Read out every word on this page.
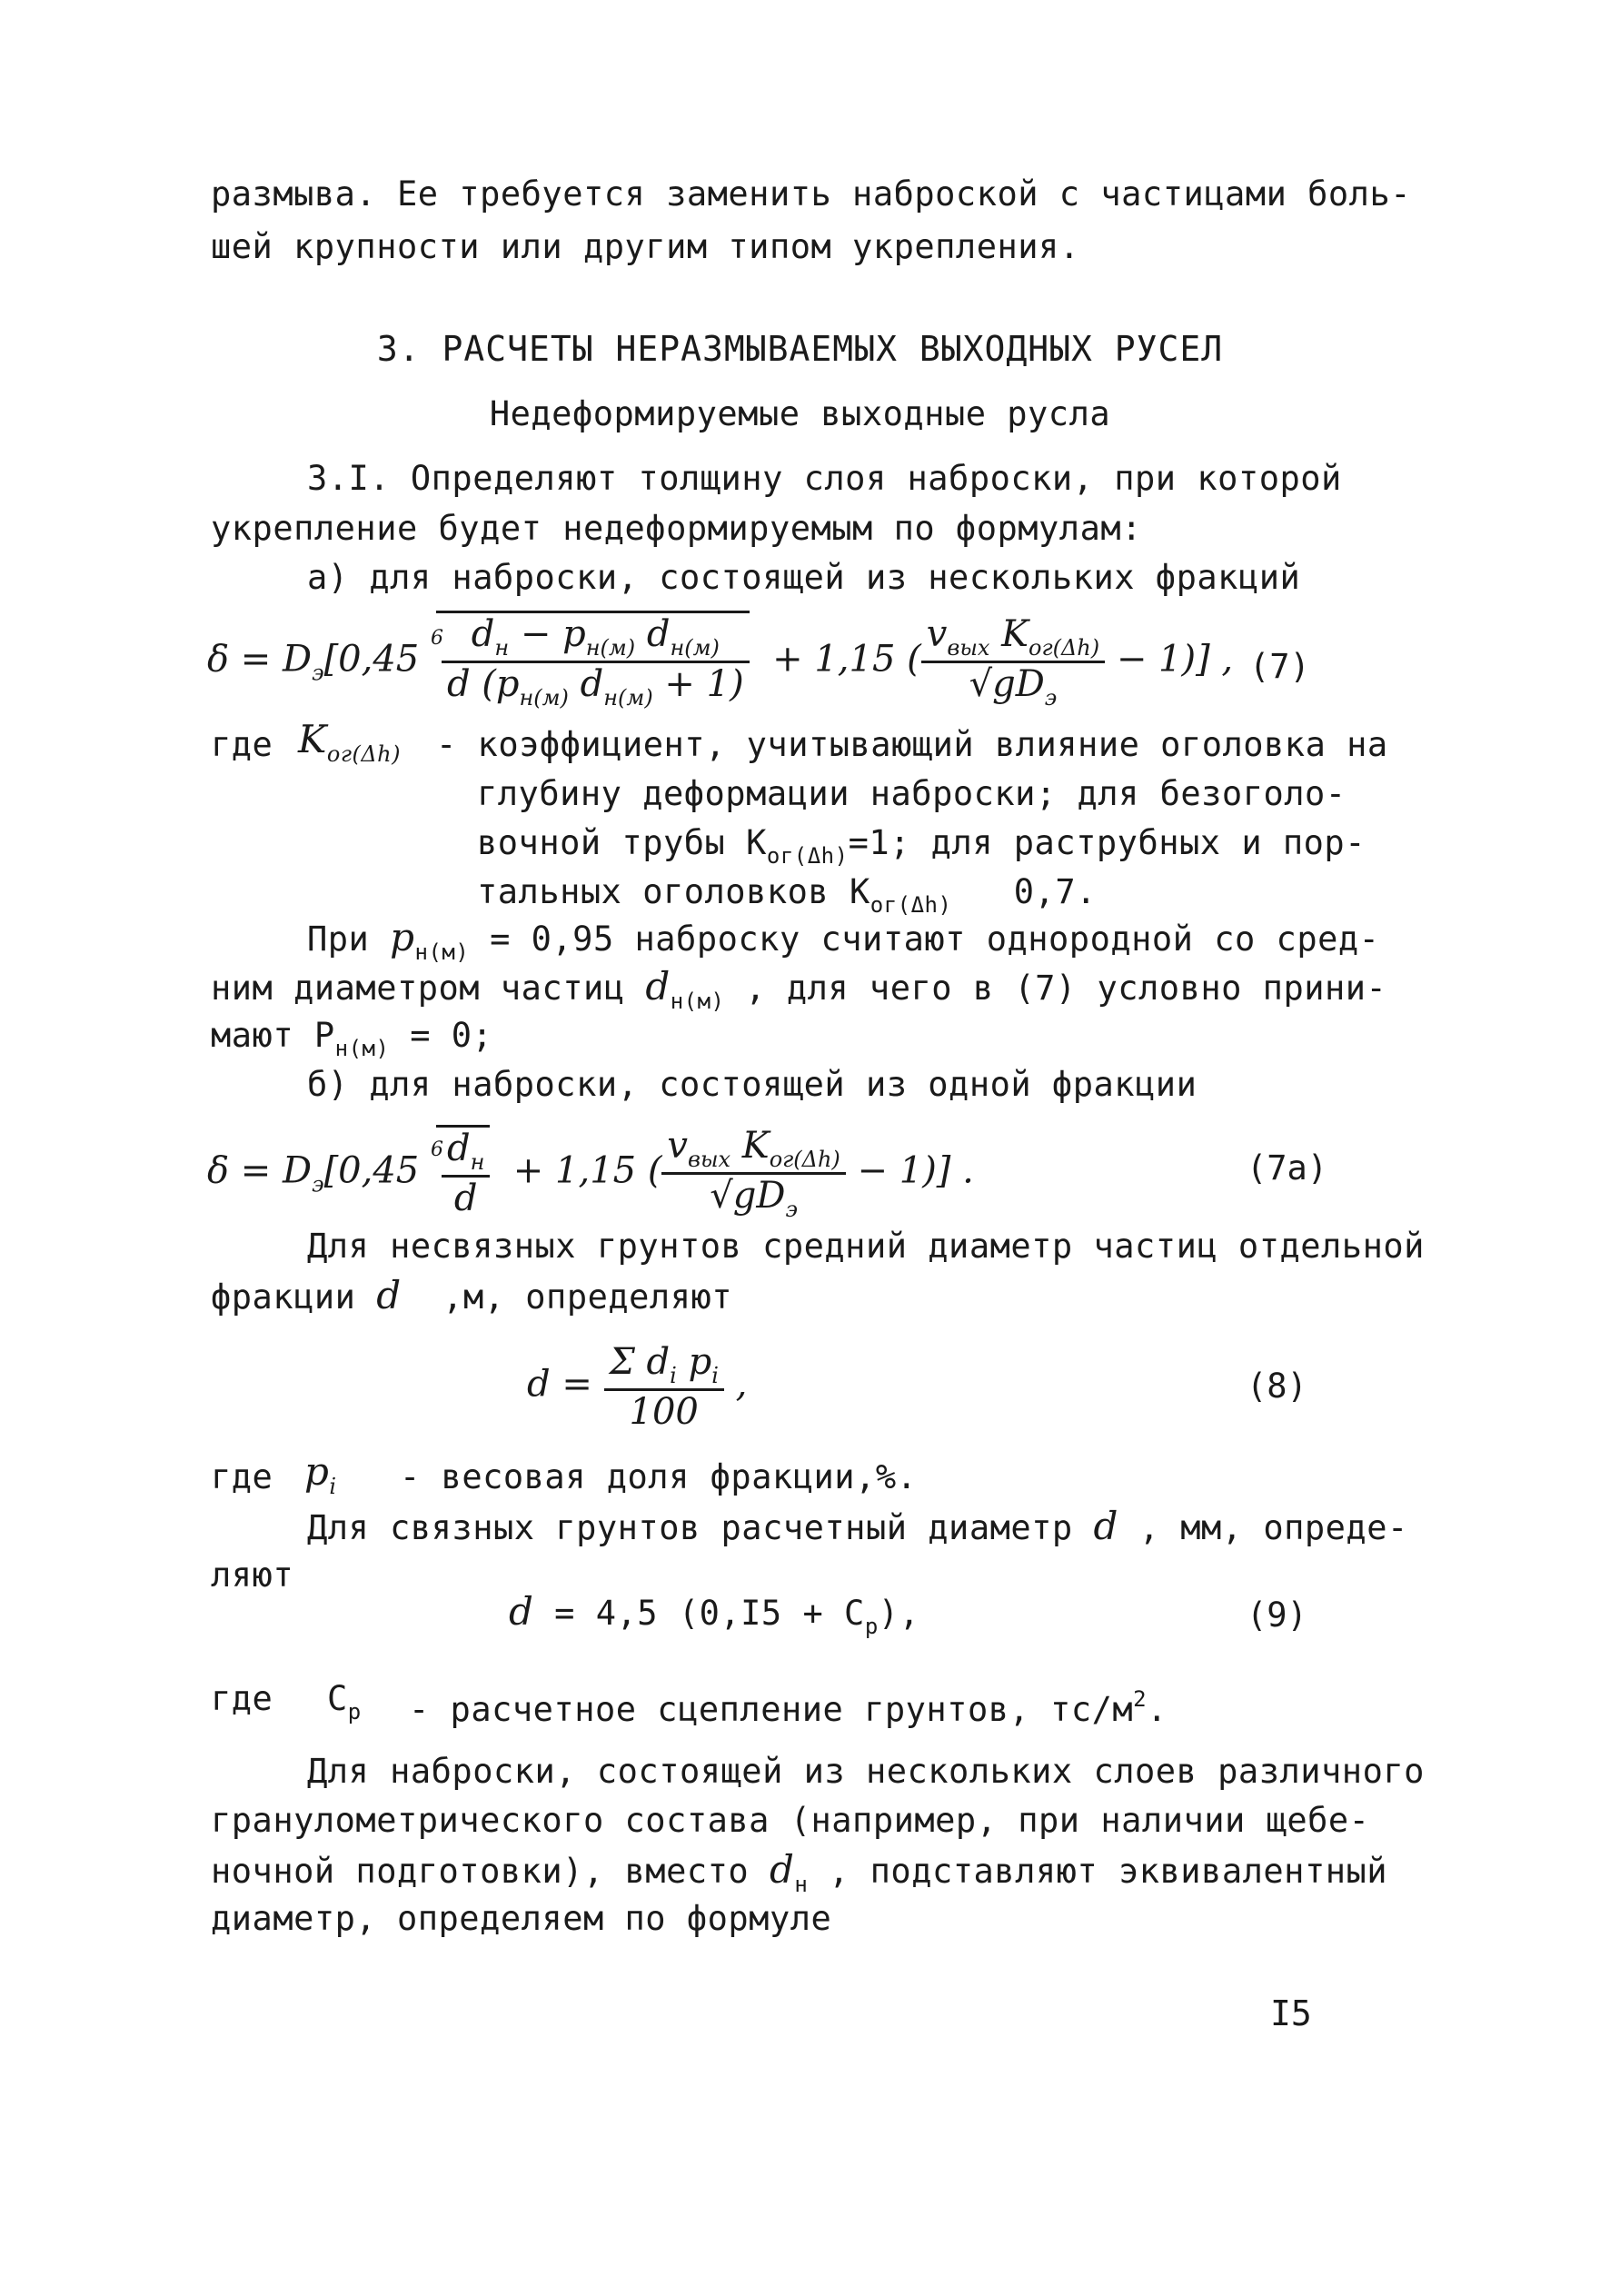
размыва. Ее требуется заменить наброской с частицами боль-
шей крупности или другим типом укрепления.
3. РАСЧЕТЫ НЕРАЗМЫВАЕМЫХ ВЫХОДНЫХ РУСЕЛ
Недеформируемые выходные русла
3.I. Определяют толщину слоя наброски, при которой
укрепление будет недеформируемым по формулам:
а) для наброски, состоящей из нескольких фракций
$\delta = D_э[0,45$ $^6$
$\frac{d_н - p_{н(м)} d_{н(м)}}{d (p_{н(м)} d_{н(м)} + 1)} + 1,15$ ( $\frac{v_{вых} K_{ог(\Delta h)}}{√gD_э} - 1$)] , (7)
где $K_{ог(\Delta h)}$ - коэффициент, учитывающий влияние оголовка на
глубину деформации наброски; для безоголо-
вочной трубы $K_{ог(\Delta h)}=1$; для раструбных и пор-
тальных оголовков $K_{ог(\Delta h)}$ 0,7.
При $p_{н(м)} = 0,95$ наброску считают однородной со сред-
ним диаметром частиц $d_{н(м)}$ , для чего в (7) условно прини-
мают $P_{н(м)} = 0$;
б) для наброски, состоящей из одной фракции
$\delta = D_э[0,45$ $^6$
$\frac{d_н}{d} + 1,15$ ( $\frac{v_{вых} K_{ог(\Delta h)}}{√gD_э} - 1$)] .	(7а)
Для несвязных грунтов средний диаметр частиц отдельной
фракции d ,м, определяют
$d = \frac{\Sigma d_i p_i}{100}$ ,	(8)
где $p_i$ - весовая доля фракции,%.
Для связных грунтов расчетный диаметр d , мм, опреде-
ляют
d = 4,5 $(0,I5 + C_р)$,	(9)
где $C_р$ - расчетное сцепление грунтов, $тс/м^2$.
Для наброски, состоящей из нескольких слоев различного
гранулометрического состава (например, при наличии щебе-
ночной подготовки), вместо $d_н$ , подставляют эквивалентный
диаметр, определяем по формуле
I5
